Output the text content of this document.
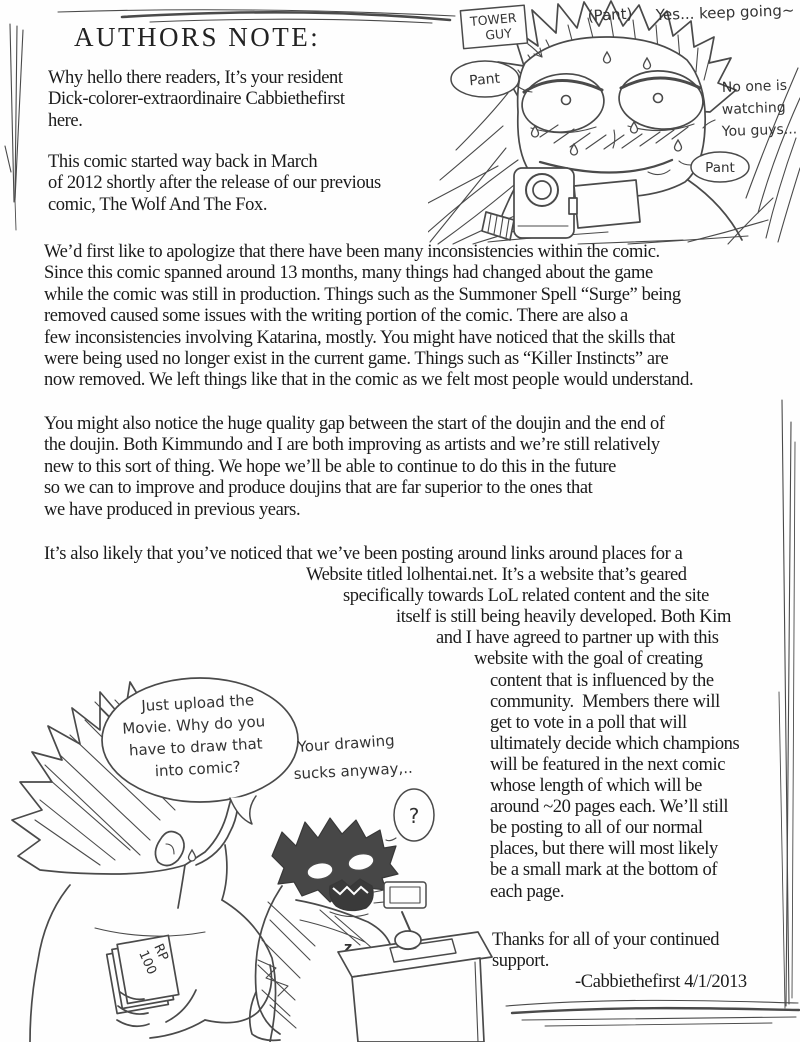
AUTHORS NOTE:
Why hello there readers, It’s your resident
Dick-colorer-extraordinaire Cabbiethefirst
here.
This comic started way back in March
of 2012 shortly after the release of our previous
comic, The Wolf And The Fox.
We’d first like to apologize that there have been many inconsistencies within the comic.
Since this comic spanned around 13 months, many things had changed about the game
while the comic was still in production. Things such as the Summoner Spell “Surge” being
removed caused some issues with the writing portion of the comic. There are also a
few inconsistencies involving Katarina, mostly. You might have noticed that the skills that
were being used no longer exist in the current game. Things such as “Killer Instincts” are
now removed. We left things like that in the comic as we felt most people would understand.
You might also notice the huge quality gap between the start of the doujin and the end of
the doujin. Both Kimmundo and I are both improving as artists and we’re still relatively
new to this sort of thing. We hope we’ll be able to continue to do this in the future
so we can to improve and produce doujins that are far superior to the ones that
we have produced in previous years.
It’s also likely that you’ve noticed that we’ve been posting around links around places for a
Website titled lolhentai.net. It’s a website that’s geared
specifically towards LoL related content and the site
itself is still being heavily developed. Both Kim
and I have agreed to partner up with this
website with the goal of creating
content that is influenced by the
community.  Members there will
get to vote in a poll that will
ultimately decide which champions
will be featured in the next comic
whose length of which will be
around ~20 pages each. We’ll still
be posting to all of our normal
places, but there will most likely
be a small mark at the bottom of
each page.
Thanks for all of your continued
support.
-Cabbiethefirst 4/1/2013
TOWER
GUY
(Pant) Yes... keep going~
Pant	No one is
watching
You guys...
Pant
RP
100
Just upload the
Movie. Why do you
have to draw that
into comic?
Your drawing
sucks anyway,..
?
z
